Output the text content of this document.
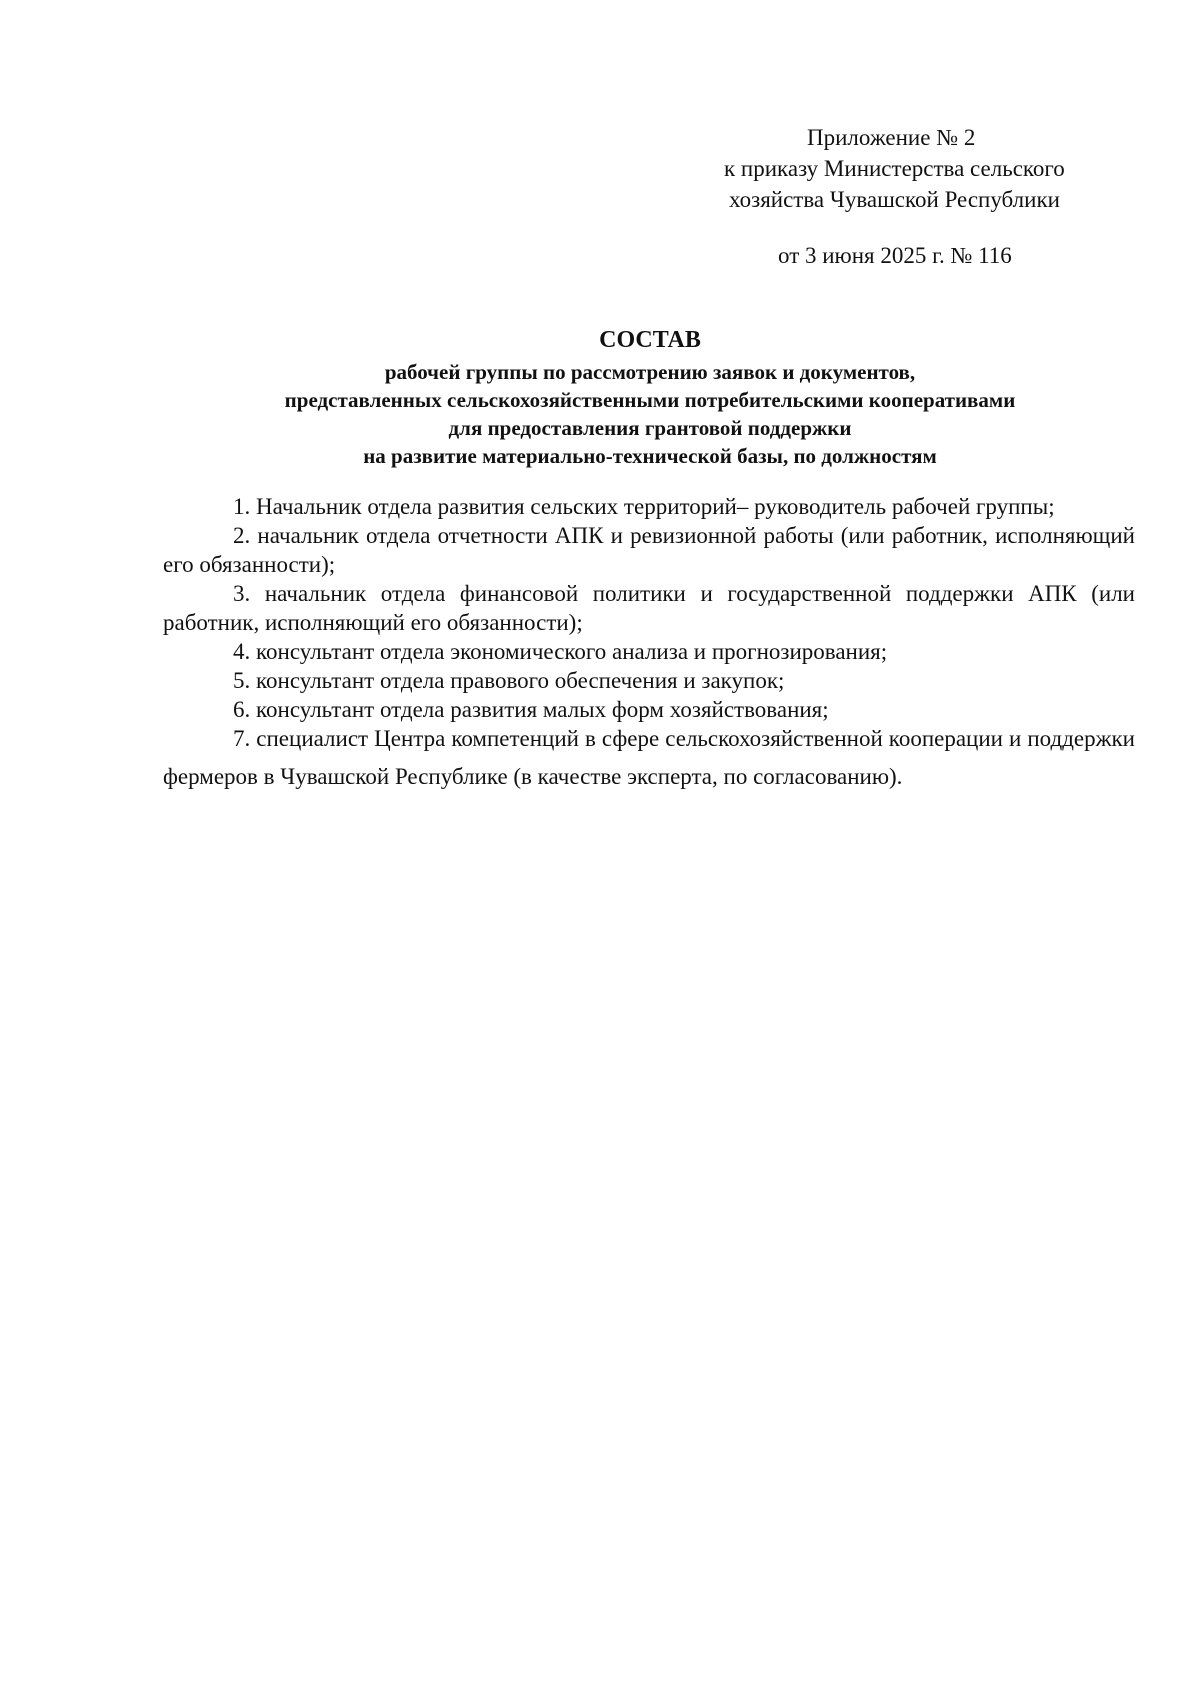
Приложение № 2
к приказу Министерства сельского
хозяйства Чувашской Республики
от 3 июня 2025 г. № 116
СОСТАВ
рабочей группы по рассмотрению заявок и документов,
представленных сельскохозяйственными потребительскими кооперативами
для предоставления грантовой поддержки
на развитие материально-технической базы, по должностям

1. Начальник отдела развития сельских территорий– руководитель рабочей группы;

2. начальник отдела отчетности АПК и ревизионной работы (или работник, исполняющий его обязанности);

3. начальник отдела финансовой политики и государственной поддержки АПК (или работник, исполняющий его обязанности);

4. консультант отдела экономического анализа и прогнозирования;

5. консультант отдела правового обеспечения и закупок;

6. консультант отдела развития малых форм хозяйствования;

7. специалист Центра компетенций в сфере сельскохозяйственной кооперации и поддержки фермеров в Чувашской Республике (в качестве эксперта, по согласованию).
